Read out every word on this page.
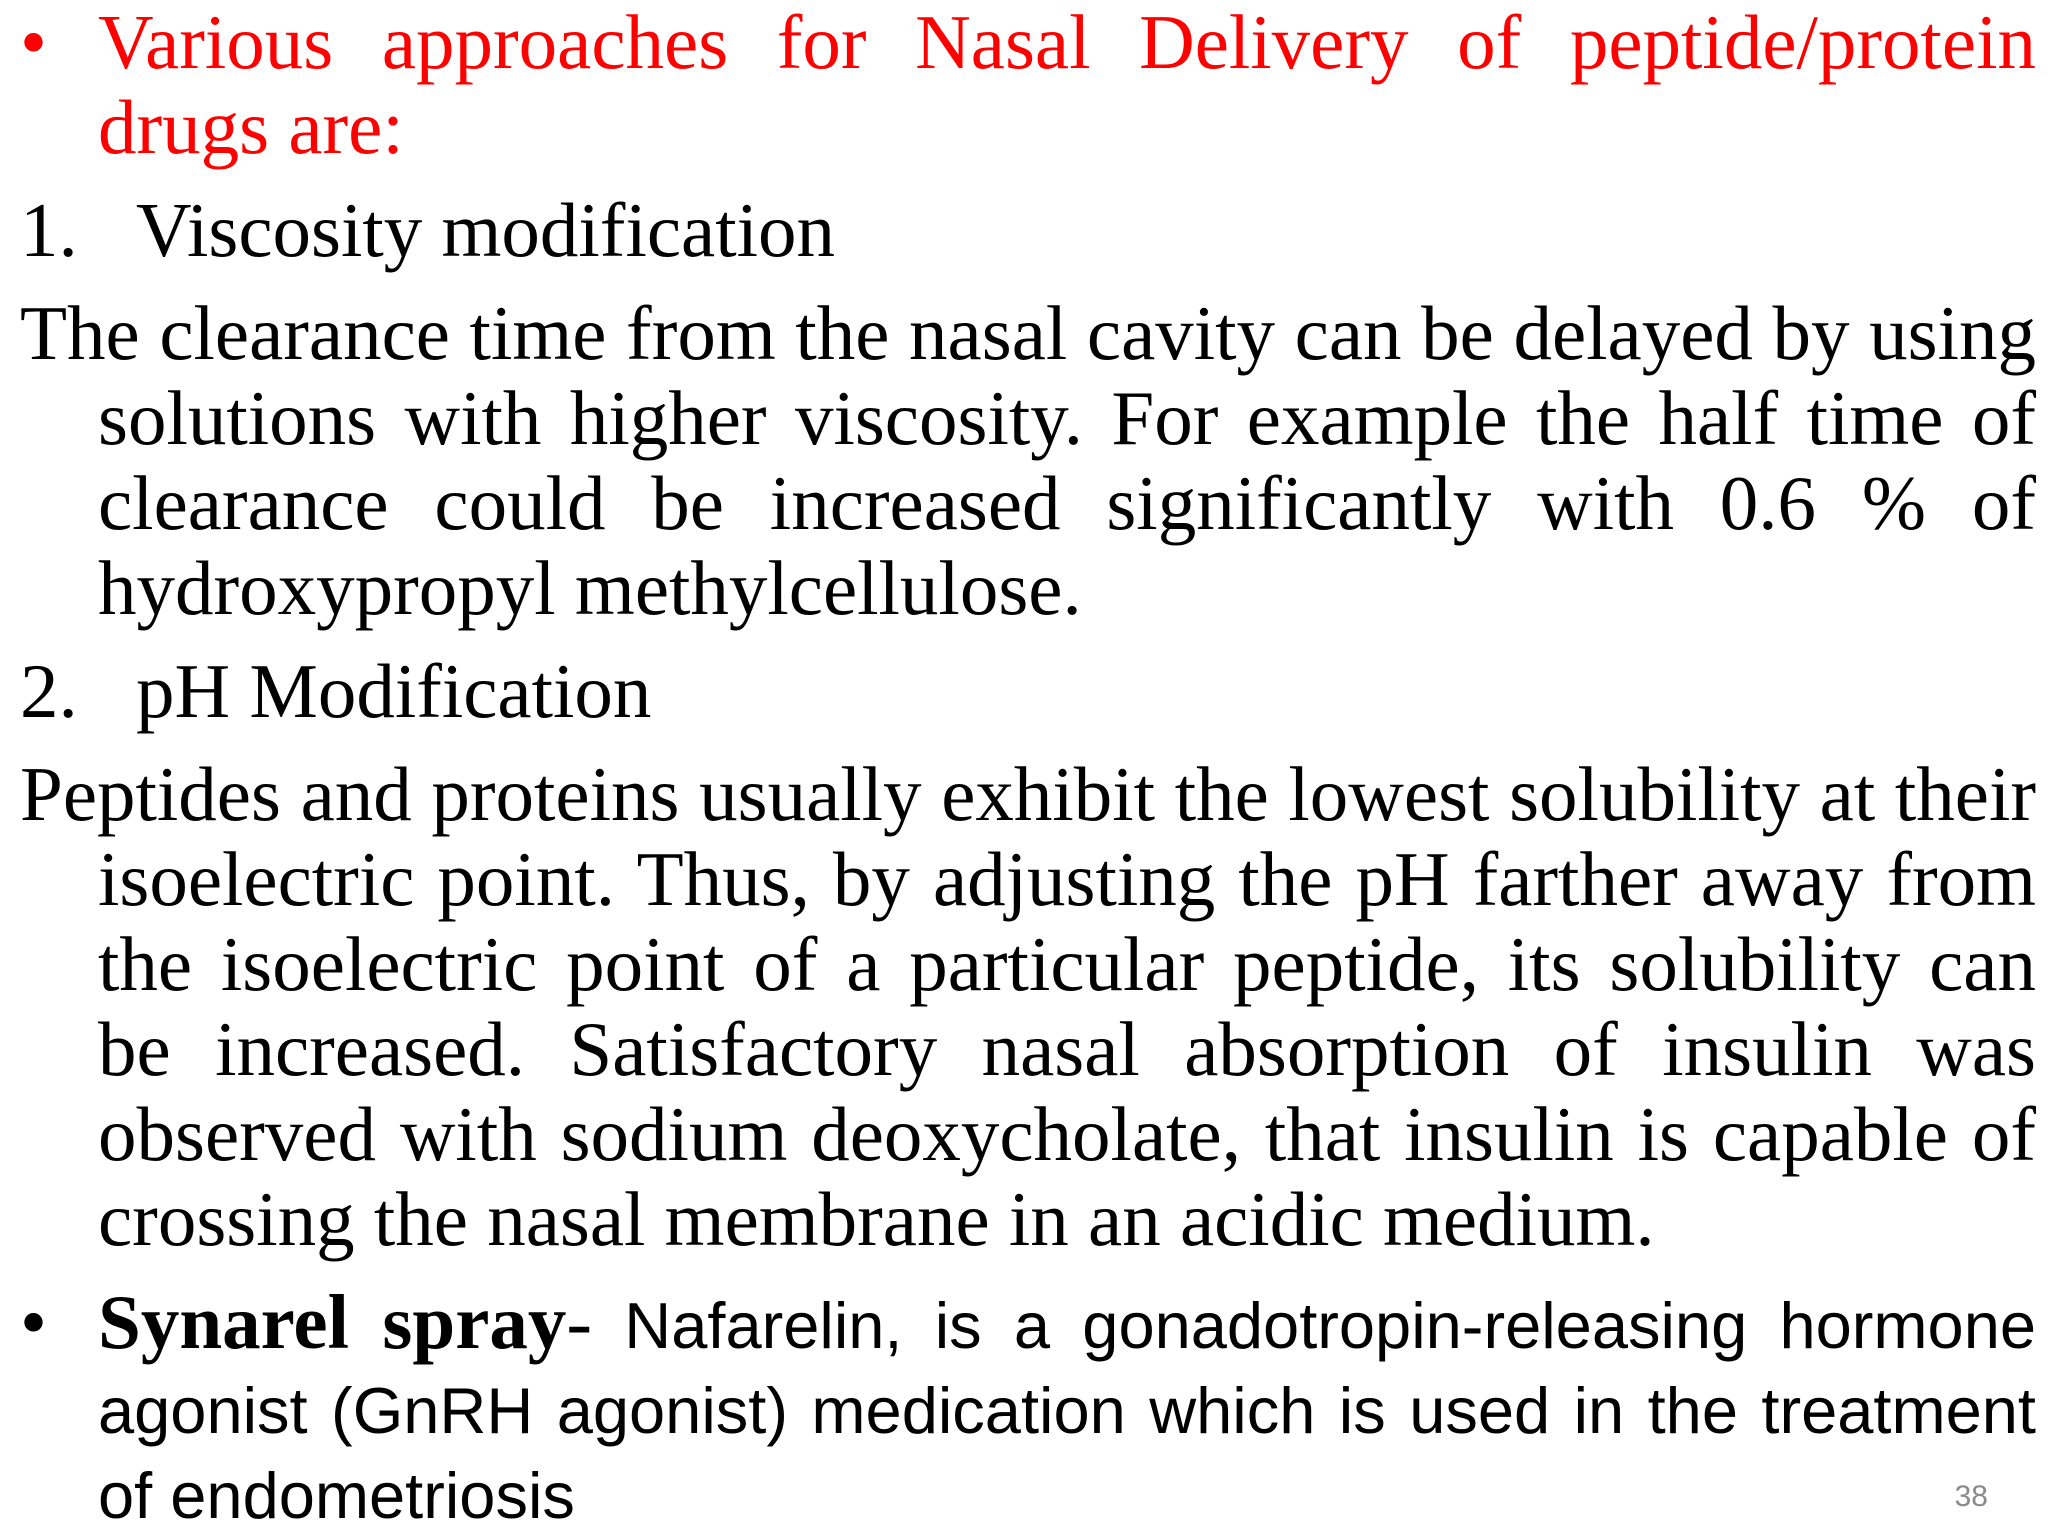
• Various approaches for Nasal Delivery of peptide/protein drugs are:
1. Viscosity modification
The clearance time from the nasal cavity can be delayed by using solutions with higher viscosity. For example the half time of clearance could be increased significantly with 0.6 % of hydroxypropyl methylcellulose.
2. pH Modification
Peptides and proteins usually exhibit the lowest solubility at their isoelectric point. Thus, by adjusting the pH farther away from the isoelectric point of a particular peptide, its solubility can be increased. Satisfactory nasal absorption of insulin was observed with sodium deoxycholate, that insulin is capable of crossing the nasal membrane in an acidic medium.
• Synarel spray- Nafarelin, is a gonadotropin-releasing hormone agonist (GnRH agonist) medication which is used in the treatment of endometriosis	38
